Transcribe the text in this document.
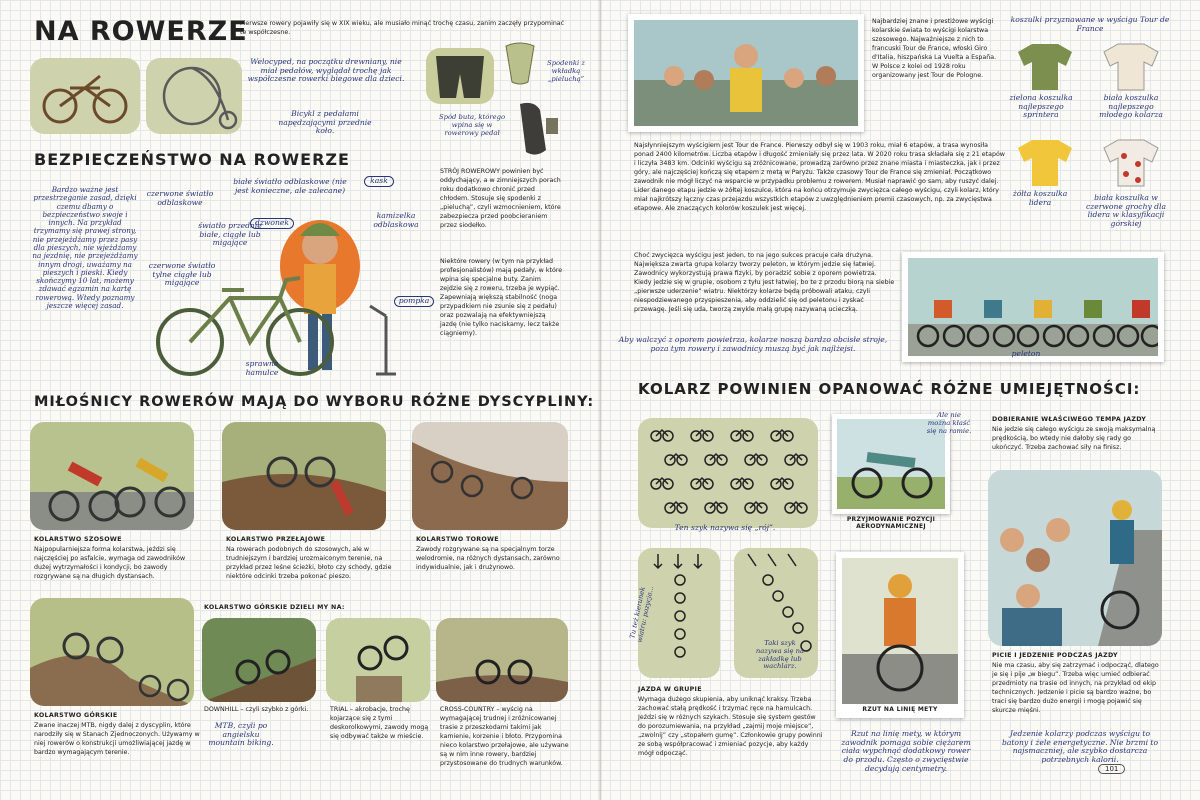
NA ROWERZE
Pierwsze rowery pojawiły się w XIX wieku, ale musiało minąć trochę czasu, zanim zaczęły przypominać te współczesne.
Welocyped, na początku drewniany, nie miał pedałów, wyglądał trochę jak współczesne rowerki biegowe dla dzieci.
Bicykl z pedałami napędzającymi przednie koło.
Spodenki z wkładką „pieluchą”
Spód buta, którego wpina się w rowerowy pedał
BEZPIECZEŃSTWO NA ROWERZE
Bardzo ważne jest przestrzeganie zasad, dzięki czemu dbamy o bezpieczeństwo swoje i innych. Na przykład trzymamy się prawej strony, nie przejeżdżamy przez pasy dla pieszych, nie wjeżdżamy na jezdnię, nie przejeżdżamy innym drogi, uważamy na pieszych i pieski. Kiedy skończymy 10 lat, możemy zdawać egzamin na kartę rowerową. Wtedy poznamy jeszcze więcej zasad.
kask
dzwonek
białe światło odblaskowe (nie jest konieczne, ale zalecane)
czerwone światło odblaskowe
światło przednie białe, ciągłe lub migające
czerwone światło tylne ciągłe lub migające
kamizelka odblaskowa
pompka
sprawne hamulce
STRÓJ ROWEROWY powinien być oddychający, a w zimniejszych porach roku dodatkowo chronić przed chłodem. Stosuje się spodenki z „pieluchą”, czyli wzmocnieniem, które zabezpiecza przed poobcieraniem przez siodełko.
Niektóre rowery (w tym na przykład profesjonalistów) mają pedały, w które wpina się specjalne buty. Zanim zejdzie się z roweru, trzeba je wypiąć. Zapewniają większą stabilność (noga przypadkiem nie zsunie się z pedału) oraz pozwalają na efektywniejszą jazdę (nie tylko naciskamy, lecz także ciągniemy).
MIŁOŚNICY ROWERÓW MAJĄ DO WYBORU RÓŻNE DYSCYPLINY:
KOLARSTWO SZOSOWE
Najpopularniejsza forma kolarstwa, jeździ się najczęściej po asfalcie, wymaga od zawodników dużej wytrzymałości i kondycji, bo zawody rozgrywane są na długich dystansach.
KOLARSTWO PRZEŁAJOWE
Na rowerach podobnych do szosowych, ale w trudniejszym i bardziej urozmaiconym terenie, na przykład przez leśne ścieżki, błoto czy schody, gdzie niektóre odcinki trzeba pokonać pieszo.
KOLARSTWO TOROWE
Zawody rozgrywane są na specjalnym torze welodromie, na różnych dystansach, zarówno indywidualnie, jak i drużynowo.
KOLARSTWO GÓRSKIE DZIELI MY NA:
KOLARSTWO GÓRSKIE
Zwane inaczej MTB, nigdy dalej z dyscyplin, które narodziły się w Stanach Zjednoczonych. Używamy w niej rowerów o konstrukcji umożliwiającej jazdę w bardzo wymagającym terenie.
MTB, czyli po angielsku mountain biking.
DOWNHILL – czyli szybko z górki.	TRIAL – akrobacje, trochę kojarzące się z tymi deskorolkowymi, zawody mogą się odbywać także w mieście.
CROSS-COUNTRY – wyścig na wymagającej trudnej i zróżnicowanej trasie z przeszkodami takimi jak kamienie, korzenie i błoto. Przypomina nieco kolarstwo przełajowe, ale używane są w nim inne rowery, bardziej przystosowane do trudnych warunków.
Najbardziej znane i prestiżowe wyścigi kolarskie świata to wyścigi kolarstwa szosowego. Najważniejsze z nich to francuski Tour de France, włoski Giro d'Italia, hiszpańska La Vuelta a España. W Polsce z kolei od 1928 roku organizowany jest Tour de Pologne.
koszulki przyznawane w wyścigu Tour de France
zielona koszulka najlepszego sprintera
biała koszulka najlepszego młodego kolarza
żółta koszulka lidera
biała koszulka w czerwone grochy dla lidera w klasyfikacji górskiej
Najsłynniejszym wyścigiem jest Tour de France. Pierwszy odbył się w 1903 roku, miał 6 etapów, a trasa wynosiła ponad 2400 kilometrów. Liczba etapów i długość zmieniały się przez lata. W 2020 roku trasa składała się z 21 etapów i liczyła 3483 km. Odcinki wyścigu są zróżnicowane, prowadzą zarówno przez znane miasta i miasteczka, jak i przez góry, ale najczęściej kończą się etapem z metą w Paryżu. Także czasowy Tour de France się zmieniał. Początkowo zawodnik nie mógł liczyć na wsparcie w przypadku problemu z rowerem. Musiał naprawić go sam, aby ruszyć dalej. Lider danego etapu jedzie w żółtej koszulce, która na końcu otrzymuje zwycięzca całego wyścigu, czyli kolarz, który miał najkrótszy łączny czas przejazdu wszystkich etapów z uwzględnieniem premii czasowych, np. za zwycięstwa etapowe. Ale znaczących kolorów koszulek jest więcej.
Choć zwycięzca wyścigu jest jeden, to na jego sukces pracuje cała drużyna. Największa zwarta grupa kolarzy tworzy peleton, w którym jedzie się łatwiej. Zawodnicy wykorzystują prawa fizyki, by poradzić sobie z oporem powietrza. Kiedy jedzie się w grupie, osobom z tyłu jest łatwiej, bo te z przodu biorą na siebie „pierwsze uderzenie” wiatru. Niektórzy kolarze będą próbowali ataku, czyli niespodziewanego przyspieszenia, aby oddzielić się od peletonu i zyskać przewagę. Jeśli się uda, tworzą zwykle małą grupę nazywaną ucieczką.
Aby walczyć z oporem powietrza, kolarze noszą bardzo obcisłe stroje, poza tym rowery i zawodnicy muszą być jak najlżejsi.
peleton
KOLARZ POWINIEN OPANOWAĆ RÓŻNE UMIEJĘTNOŚCI:
Ten szyk nazywa się „rój”.
Tu też kierunek wiatru: pozycja...	Taki szyk nazywa się na zakładkę lub wachlarz.
JAZDA W GRUPIE
Wymaga dużego skupienia, aby uniknąć kraksy. Trzeba zachować stałą prędkość i trzymać ręce na hamulcach. Jeździ się w różnych szykach. Stosuje się system gestów do porozumiewania, na przykład „zajmij moje miejsce”, „zwolnij” czy „stopałem gumę”. Członkowie grupy powinni ze sobą współpracować i zmieniać pozycje, aby każdy mógł odpocząć.
Ale nie można kłaść się na ramie.
PRZYJMOWANIE POZYCJI AERODYNAMICZNEJ
RZUT NA LINIĘ METY
Rzut na linię mety, w którym zawodnik pomaga sobie ciężarem ciała wypchnąć dodatkowy rower do przodu. Często o zwycięstwie decydują centymetry.
DOBIERANIE WŁAŚCIWEGO TEMPA JAZDY
Nie jedzie się całego wyścigu ze swoją maksymalną prędkością, bo wtedy nie dałoby się rady go ukończyć. Trzeba zachować siły na finisz.
PICIE I JEDZENIE PODCZAS JAZDY
Nie ma czasu, aby się zatrzymać i odpocząć, dlatego je się i pije „w biegu”. Trzeba więc umieć odbierać przedmioty na trasie od innych, na przykład od ekip technicznych. Jedzenie i picie są bardzo ważne, bo traci się bardzo dużo energii i mogą pojawić się skurcze mięśni.
Jedzenie kolarzy podczas wyścigu to batony i żele energetyczne. Nie brzmi to najsmaczniej, ale szybko dostarcza potrzebnych kalorii.
101
